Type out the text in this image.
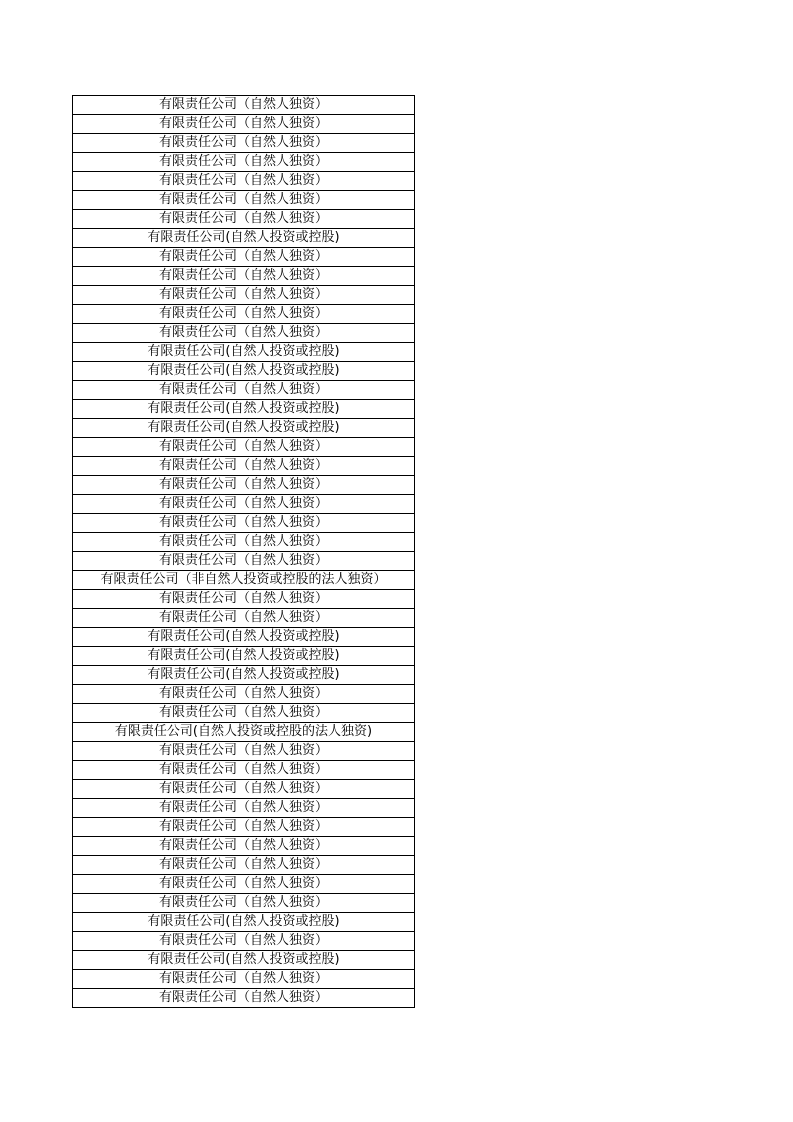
有限责任公司（自然人独资）
有限责任公司（自然人独资）
有限责任公司（自然人独资）
有限责任公司（自然人独资）
有限责任公司（自然人独资）
有限责任公司（自然人独资）
有限责任公司（自然人独资）
有限责任公司(自然人投资或控股)
有限责任公司（自然人独资）
有限责任公司（自然人独资）
有限责任公司（自然人独资）
有限责任公司（自然人独资）
有限责任公司（自然人独资）
有限责任公司(自然人投资或控股)
有限责任公司(自然人投资或控股)
有限责任公司（自然人独资）
有限责任公司(自然人投资或控股)
有限责任公司(自然人投资或控股)
有限责任公司（自然人独资）
有限责任公司（自然人独资）
有限责任公司（自然人独资）
有限责任公司（自然人独资）
有限责任公司（自然人独资）
有限责任公司（自然人独资）
有限责任公司（自然人独资）
有限责任公司（非自然人投资或控股的法人独资）
有限责任公司（自然人独资）
有限责任公司（自然人独资）
有限责任公司(自然人投资或控股)
有限责任公司(自然人投资或控股)
有限责任公司(自然人投资或控股)
有限责任公司（自然人独资）
有限责任公司（自然人独资）
有限责任公司(自然人投资或控股的法人独资)
有限责任公司（自然人独资）
有限责任公司（自然人独资）
有限责任公司（自然人独资）
有限责任公司（自然人独资）
有限责任公司（自然人独资）
有限责任公司（自然人独资）
有限责任公司（自然人独资）
有限责任公司（自然人独资）
有限责任公司（自然人独资）
有限责任公司(自然人投资或控股)
有限责任公司（自然人独资）
有限责任公司(自然人投资或控股)
有限责任公司（自然人独资）
有限责任公司（自然人独资）
